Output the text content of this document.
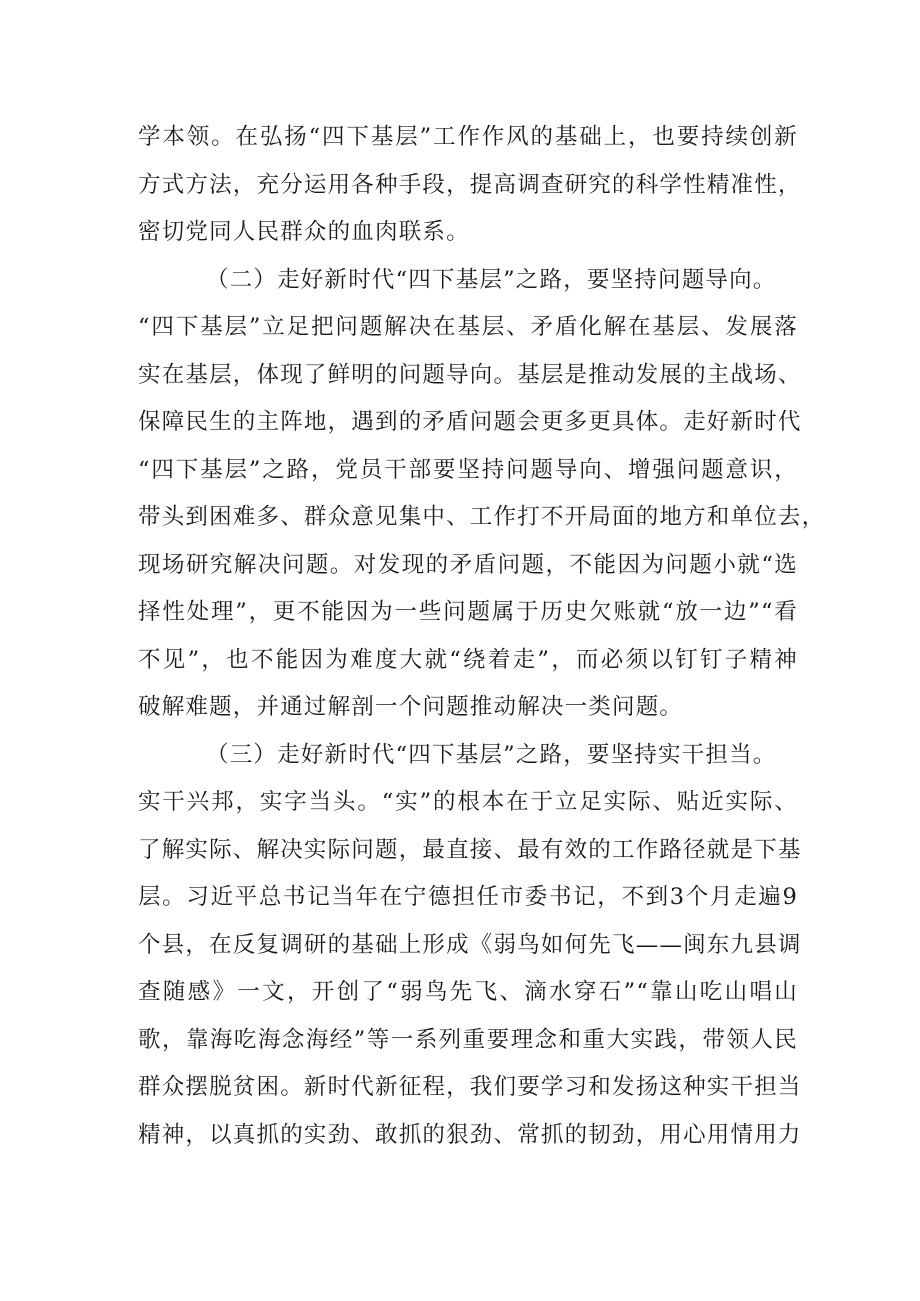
学本领。在弘扬“四下基层”工作作风的基础上，也要持续创新
方式方法，充分运用各种手段，提高调查研究的科学性精准性，
密切党同人民群众的血肉联系。
（二）走好新时代“四下基层”之路，要坚持问题导向。
“四下基层”立足把问题解决在基层、矛盾化解在基层、发展落
实在基层，体现了鲜明的问题导向。基层是推动发展的主战场、
保障民生的主阵地，遇到的矛盾问题会更多更具体。走好新时代
“四下基层”之路，党员干部要坚持问题导向、增强问题意识，
带头到困难多、群众意见集中、工作打不开局面的地方和单位去，
现场研究解决问题。对发现的矛盾问题，不能因为问题小就“选
择性处理”，更不能因为一些问题属于历史欠账就“放一边”“看
不见”，也不能因为难度大就“绕着走”，而必须以钉钉子精神
破解难题，并通过解剖一个问题推动解决一类问题。
（三）走好新时代“四下基层”之路，要坚持实干担当。
实干兴邦，实字当头。“实”的根本在于立足实际、贴近实际、
了解实际、解决实际问题，最直接、最有效的工作路径就是下基
层。习近平总书记当年在宁德担任市委书记，不到3个月走遍9
个县，在反复调研的基础上形成《弱鸟如何先飞——闽东九县调
查随感》一文，开创了“弱鸟先飞、滴水穿石”“靠山吃山唱山
歌，靠海吃海念海经”等一系列重要理念和重大实践，带领人民
群众摆脱贫困。新时代新征程，我们要学习和发扬这种实干担当
精神，以真抓的实劲、敢抓的狠劲、常抓的韧劲，用心用情用力
